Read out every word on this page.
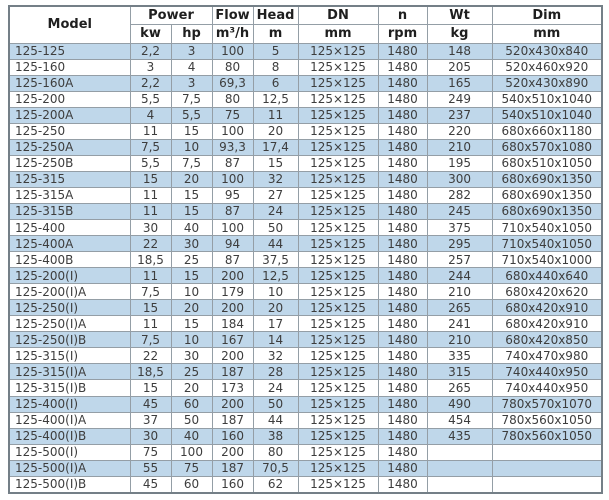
Model	Power		Flow	Head	DN	n	Wt	Dim
	kw	hp	m³/h	m	mm	rpm	kg	mm
125-125	2,2	3	100	5	125×125	1480	148	520x430x840
125-160	3	4	80	8	125×125	1480	205	520x460x920
125-160A	2,2	3	69,3	6	125×125	1480	165	520x430x890
125-200	5,5	7,5	80	12,5	125×125	1480	249	540x510x1040
125-200A	4	5,5	75	11	125×125	1480	237	540x510x1040
125-250	11	15	100	20	125×125	1480	220	680x660x1180
125-250A	7,5	10	93,3	17,4	125×125	1480	210	680x570x1080
125-250B	5,5	7,5	87	15	125×125	1480	195	680x510x1050
125-315	15	20	100	32	125×125	1480	300	680x690x1350
125-315A	11	15	95	27	125×125	1480	282	680x690x1350
125-315B	11	15	87	24	125×125	1480	245	680x690x1350
125-400	30	40	100	50	125×125	1480	375	710x540x1050
125-400A	22	30	94	44	125×125	1480	295	710x540x1050
125-400B	18,5	25	87	37,5	125×125	1480	257	710x540x1000
125-200(I)	11	15	200	12,5	125×125	1480	244	680x440x640
125-200(I)A	7,5	10	179	10	125×125	1480	210	680x420x620
125-250(I)	15	20	200	20	125×125	1480	265	680x420x910
125-250(I)A	11	15	184	17	125×125	1480	241	680x420x910
125-250(I)B	7,5	10	167	14	125×125	1480	210	680x420x850
125-315(I)	22	30	200	32	125×125	1480	335	740x470x980
125-315(I)A	18,5	25	187	28	125×125	1480	315	740x440x950
125-315(I)B	15	20	173	24	125×125	1480	265	740x440x950
125-400(I)	45	60	200	50	125×125	1480	490	780x570x1070
125-400(I)A	37	50	187	44	125×125	1480	454	780x560x1050
125-400(I)B	30	40	160	38	125×125	1480	435	780x560x1050
125-500(I)	75	100	200	80	125×125	1480		
125-500(I)A	55	75	187	70,5	125×125	1480		
125-500(I)B	45	60	160	62	125×125	1480		
